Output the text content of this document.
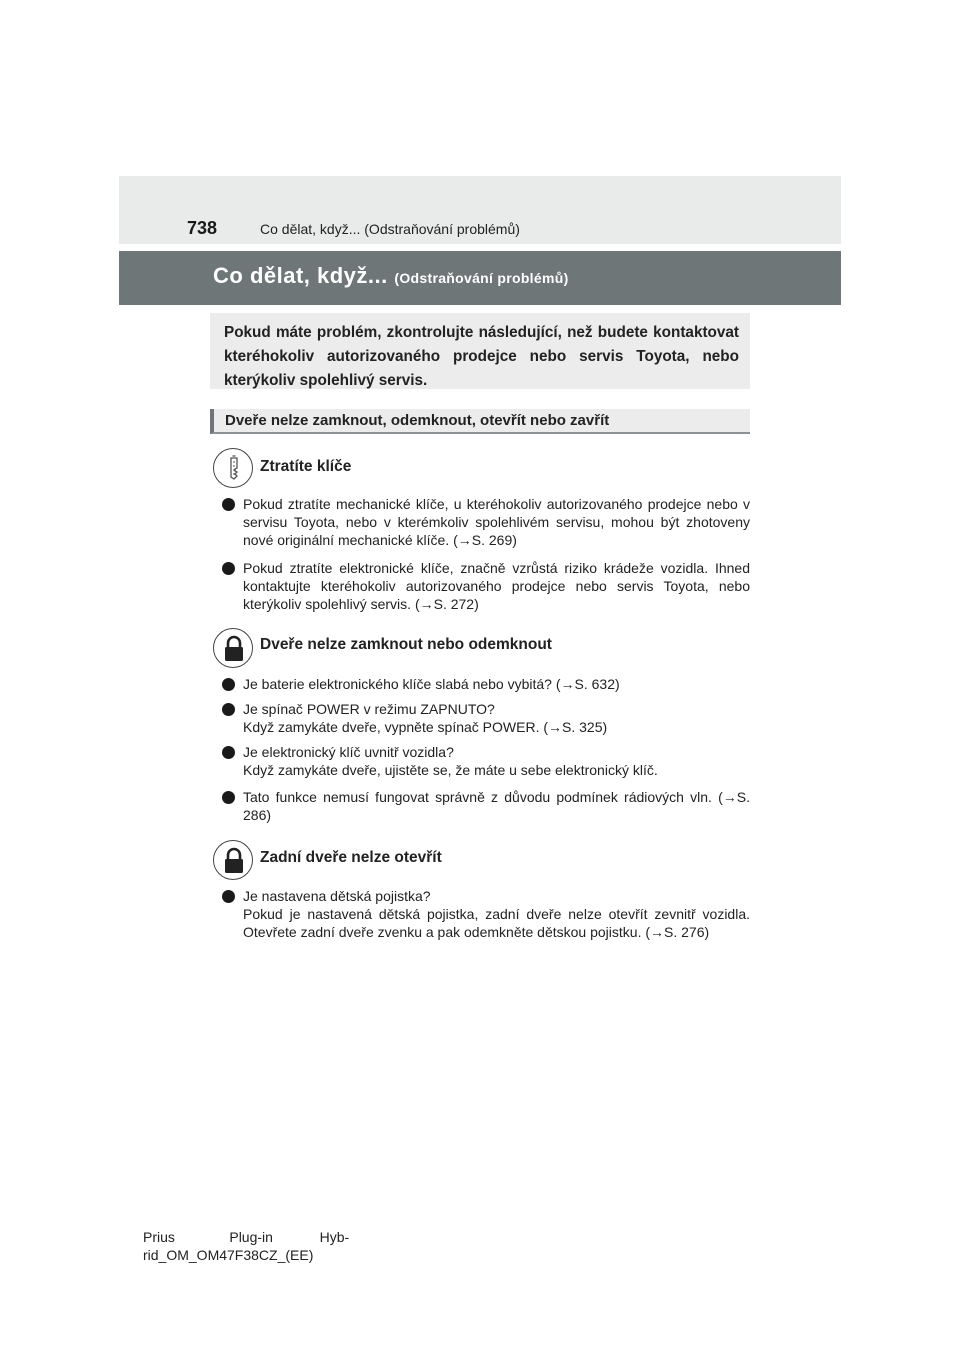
738	Co dělat, když... (Odstraňování problémů)
Co dělat, když... (Odstraňování problémů)
Pokud máte problém, zkontrolujte následující, než budete kontaktovat kteréhokoliv autorizovaného prodejce nebo servis Toyota, nebo kterýkoliv spolehlivý servis.
Dveře nelze zamknout, odemknout, otevřít nebo zavřít
Ztratíte klíče
Pokud ztratíte mechanické klíče, u kteréhokoliv autorizovaného prodejce nebo v servisu Toyota, nebo v kterémkoliv spolehlivém servisu, mohou být zhotoveny nové originální mechanické klíče. (→S. 269)
Pokud ztratíte elektronické klíče, značně vzrůstá riziko krádeže vozidla. Ihned kontaktujte kteréhokoliv autorizovaného prodejce nebo servis Toyota, nebo kterýkoliv spolehlivý servis. (→S. 272)
Dveře nelze zamknout nebo odemknout
Je baterie elektronického klíče slabá nebo vybitá? (→S. 632)
Je spínač POWER v režimu ZAPNUTO?
Když zamykáte dveře, vypněte spínač POWER. (→S. 325)
Je elektronický klíč uvnitř vozidla?
Když zamykáte dveře, ujistěte se, že máte u sebe elektronický klíč.
Tato funkce nemusí fungovat správně z důvodu podmínek rádiových vln. (→S. 286)
Zadní dveře nelze otevřít
Je nastavena dětská pojistka?
Pokud je nastavená dětská pojistka, zadní dveře nelze otevřít zevnitř vozidla. Otevřete zadní dveře zvenku a pak odemkněte dětskou pojistku. (→S. 276)
Prius              Plug-in            Hyb-
rid_OM_OM47F38CZ_(EE)
